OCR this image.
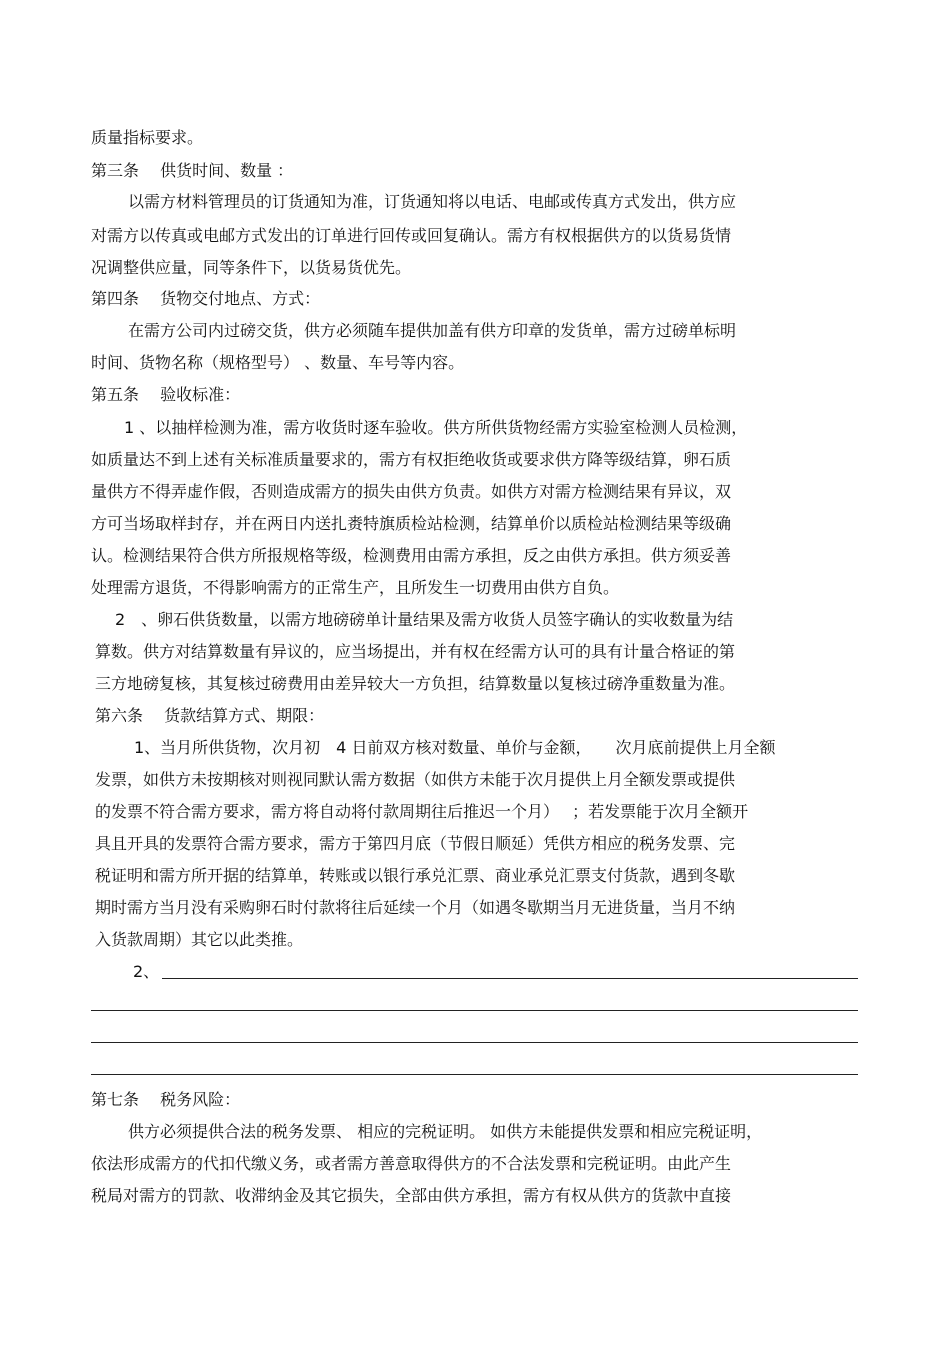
质量指标要求。

第三条　 供货时间、数量 ：

以需方材料管理员的订货通知为准，订货通知将以电话、电邮或传真方式发出，供方应

对需方以传真或电邮方式发出的订单进行回传或回复确认。需方有权根据供方的以货易货情

况调整供应量，同等条件下，以货易货优先。

第四条　 货物交付地点、方式：

在需方公司内过磅交货，供方必须随车提供加盖有供方印章的发货单，需方过磅单标明

时间、货物名称（规格型号） 、数量、车号等内容。

第五条　 验收标准：

1 、以抽样检测为准，需方收货时逐车验收。供方所供货物经需方实验室检测人员检测，

如质量达不到上述有关标准质量要求的，需方有权拒绝收货或要求供方降等级结算，卵石质

量供方不得弄虚作假，否则造成需方的损失由供方负责。如供方对需方检测结果有异议，双

方可当场取样封存，并在两日内送扎赉特旗质检站检测，结算单价以质检站检测结果等级确

认。检测结果符合供方所报规格等级，检测费用由需方承担，反之由供方承担。供方须妥善

处理需方退货，不得影响需方的正常生产，且所发生一切费用由供方自负。

2　、卵石供货数量，以需方地磅磅单计量结果及需方收货人员签字确认的实收数量为结

算数。供方对结算数量有异议的，应当场提出，并有权在经需方认可的具有计量合格证的第

三方地磅复核，其复核过磅费用由差异较大一方负担，结算数量以复核过磅净重数量为准。

第六条　 货款结算方式、期限：

1、当月所供货物，次月初　4 日前双方核对数量、单价与金额，　　次月底前提供上月全额

发票，如供方未按期核对则视同默认需方数据（如供方未能于次月提供上月全额发票或提供

的发票不符合需方要求，需方将自动将付款周期往后推迟一个月）　 ；若发票能于次月全额开

具且开具的发票符合需方要求，需方于第四月底（节假日顺延）凭供方相应的税务发票、完

税证明和需方所开据的结算单，转账或以银行承兑汇票、商业承兑汇票支付货款，遇到冬歇

期时需方当月没有采购卵石时付款将往后延续一个月（如遇冬歇期当月无进货量，当月不纳

入货款周期）其它以此类推。

2、

第七条　 税务风险：

供方必须提供合法的税务发票、 相应的完税证明。 如供方未能提供发票和相应完税证明，

依法形成需方的代扣代缴义务，或者需方善意取得供方的不合法发票和完税证明。由此产生

税局对需方的罚款、收滞纳金及其它损失，全部由供方承担，需方有权从供方的货款中直接
